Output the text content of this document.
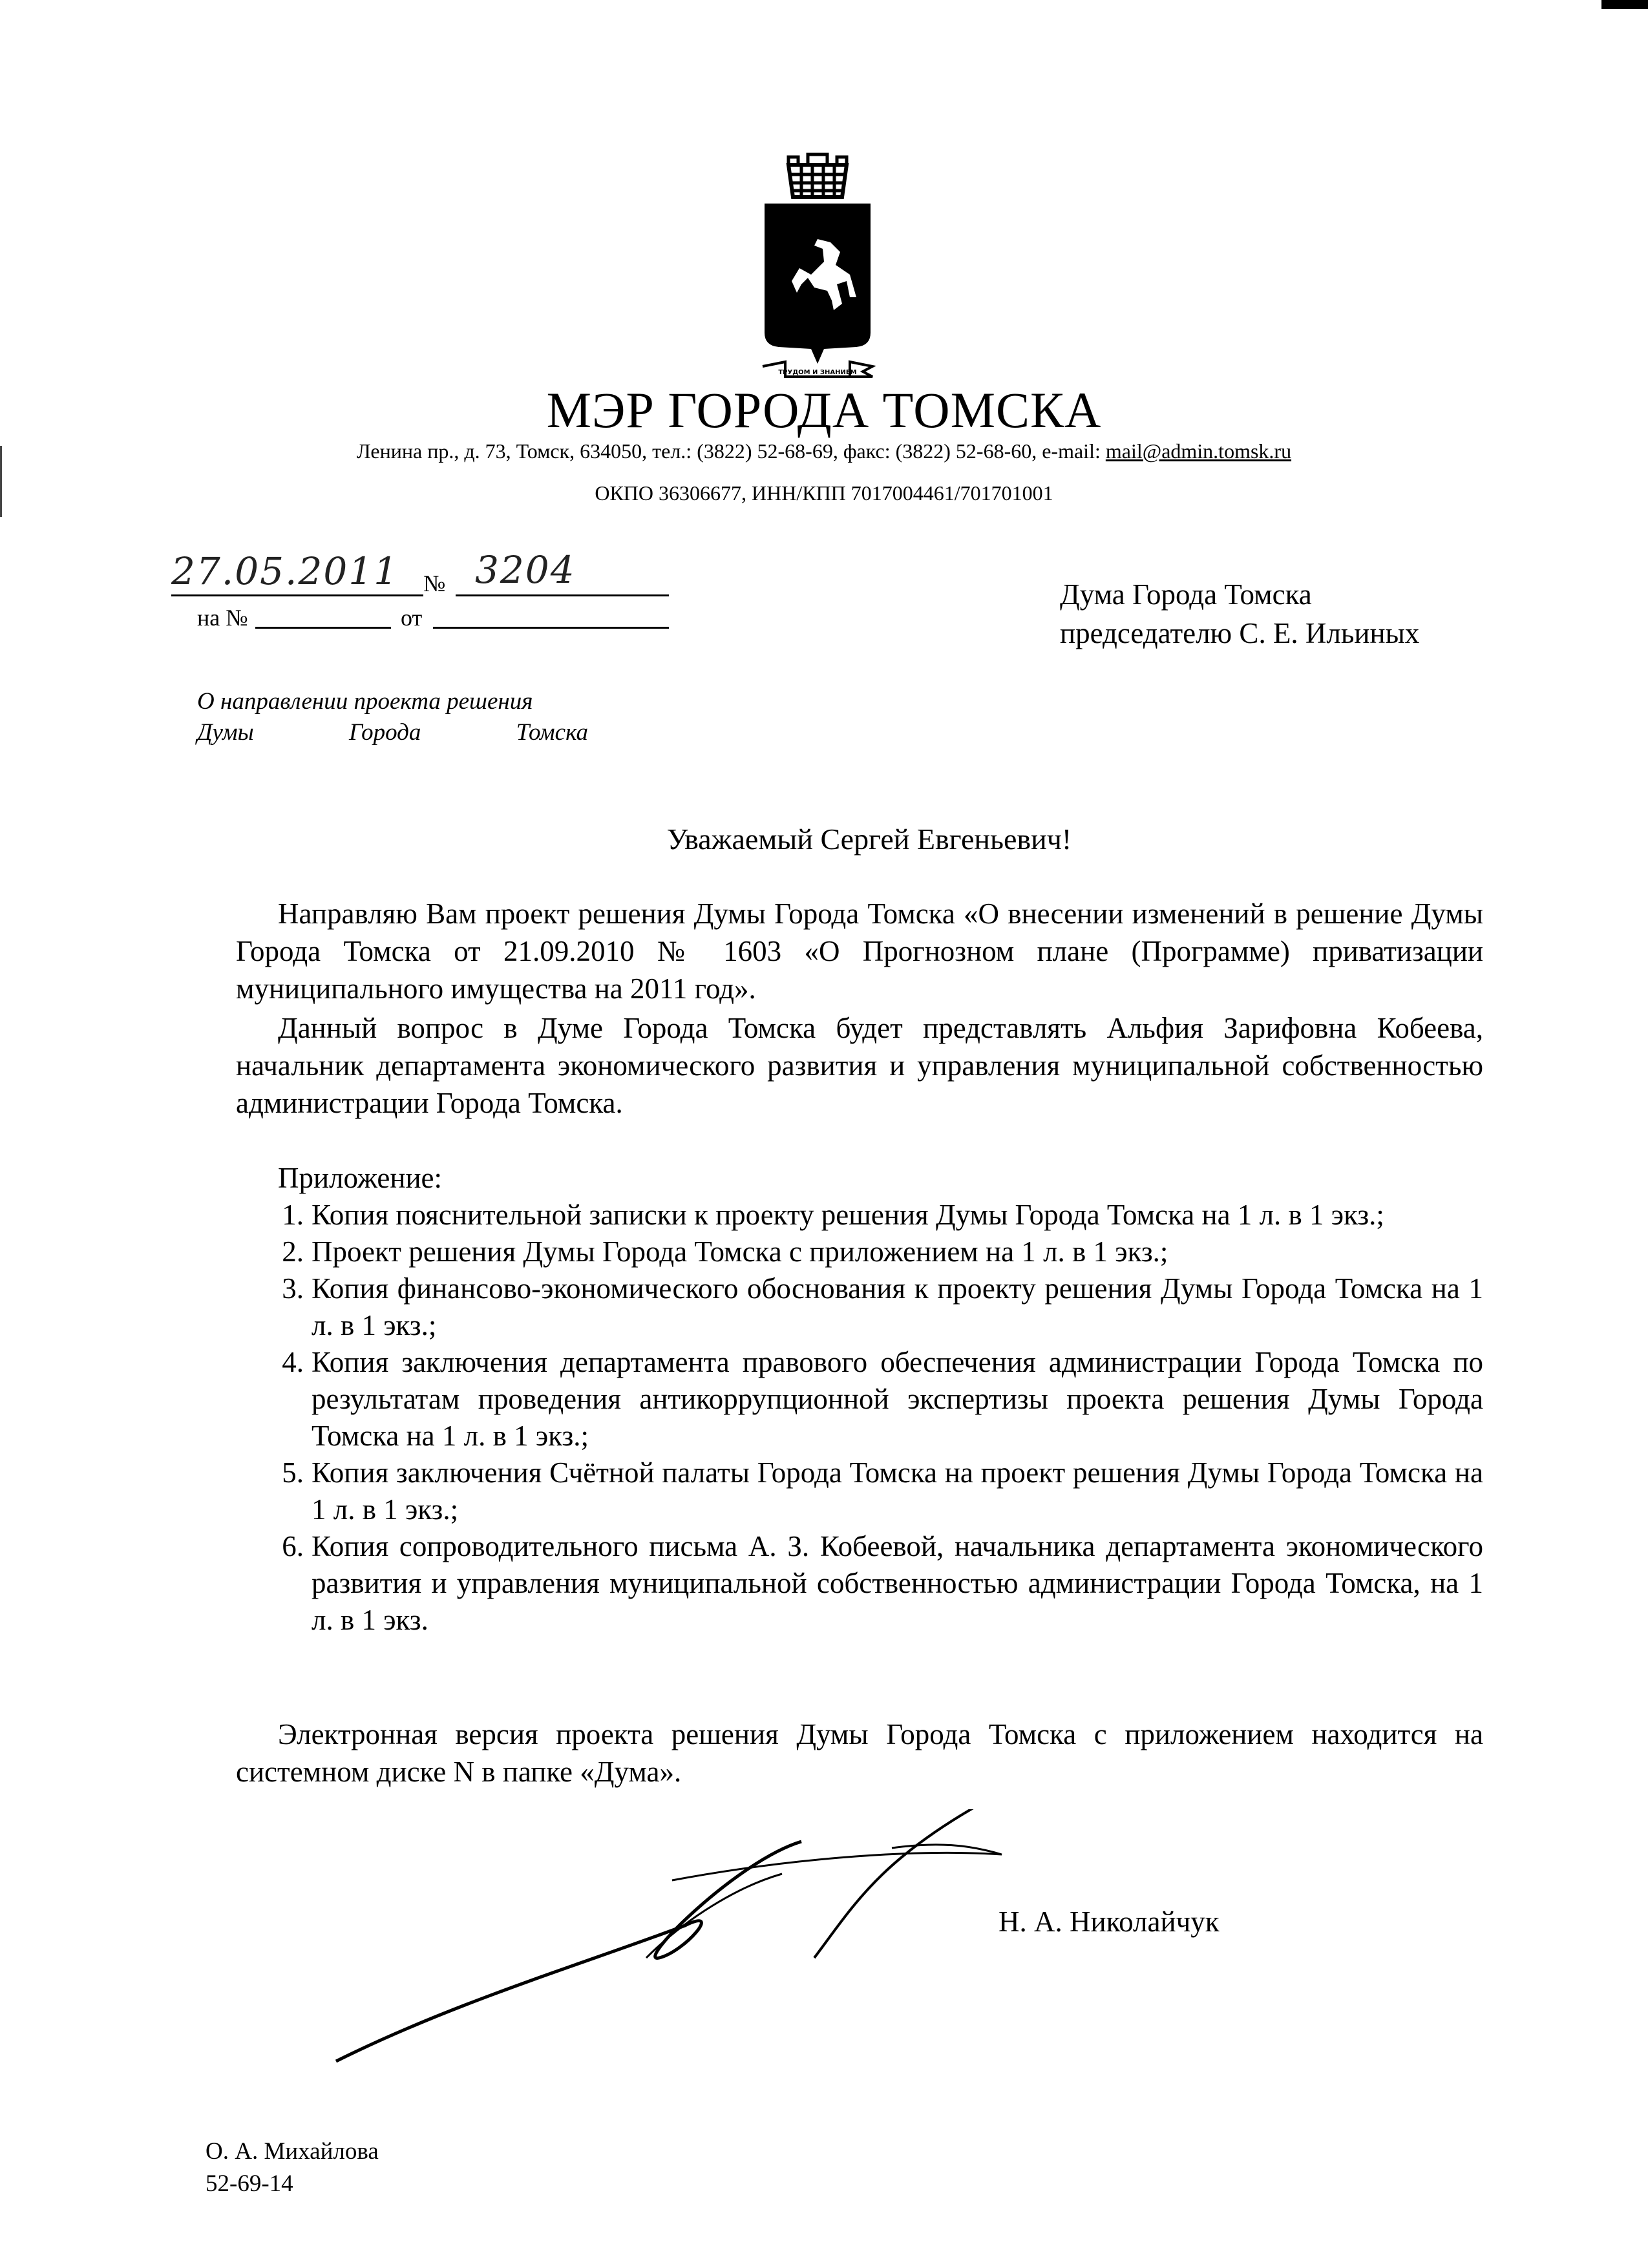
ТРУДОМ И ЗНАНИЕМ
МЭР ГОРОДА ТОМСКА
Ленина пр., д. 73, Томск, 634050, тел.: (3822) 52-68-69, факс: (3822) 52-68-60, e-mail: mail@admin.tomsk.ru
ОКПО 36306677, ИНН/КПП 7017004461/701701001
27.05.2011 № 3204
на №	от
Дума Города Томска
председателю С. Е. Ильиных
О направлении проекта решения
Думы	Города	Томска
Уважаемый Сергей Евгеньевич!

Направляю Вам проект решения Думы Города Томска «О внесении изменений в решение Думы Города Томска от 21.09.2010 № 1603 «О Прогнозном плане (Программе) приватизации муниципального имущества на 2011 год».

Данный вопрос в Думе Города Томска будет представлять Альфия Зарифовна Кобеева, начальник департамента экономического развития и управления муниципальной собственностью администрации Города Томска.

Приложение:
1. Копия пояснительной записки к проекту решения Думы Города Томска на 1 л. в 1 экз.;
2. Проект решения Думы Города Томска с приложением на 1 л. в 1 экз.;
3. Копия финансово-экономического обоснования к проекту решения Думы Города Томска на 1 л. в 1 экз.;
4. Копия заключения департамента правового обеспечения администрации Города Томска по результатам проведения антикоррупционной экспертизы проекта решения Думы Города Томска на 1 л. в 1 экз.;
5. Копия заключения Счётной палаты Города Томска на проект решения Думы Города Томска на 1 л. в 1 экз.;
6. Копия сопроводительного письма А. З. Кобеевой, начальника департамента экономического развития и управления муниципальной собственностью администрации Города Томска, на 1 л. в 1 экз.

Электронная версия проекта решения Думы Города Томска с приложением находится на системном диске N в папке «Дума».

Н. А. Николайчук
О. А. Михайлова
52-69-14
